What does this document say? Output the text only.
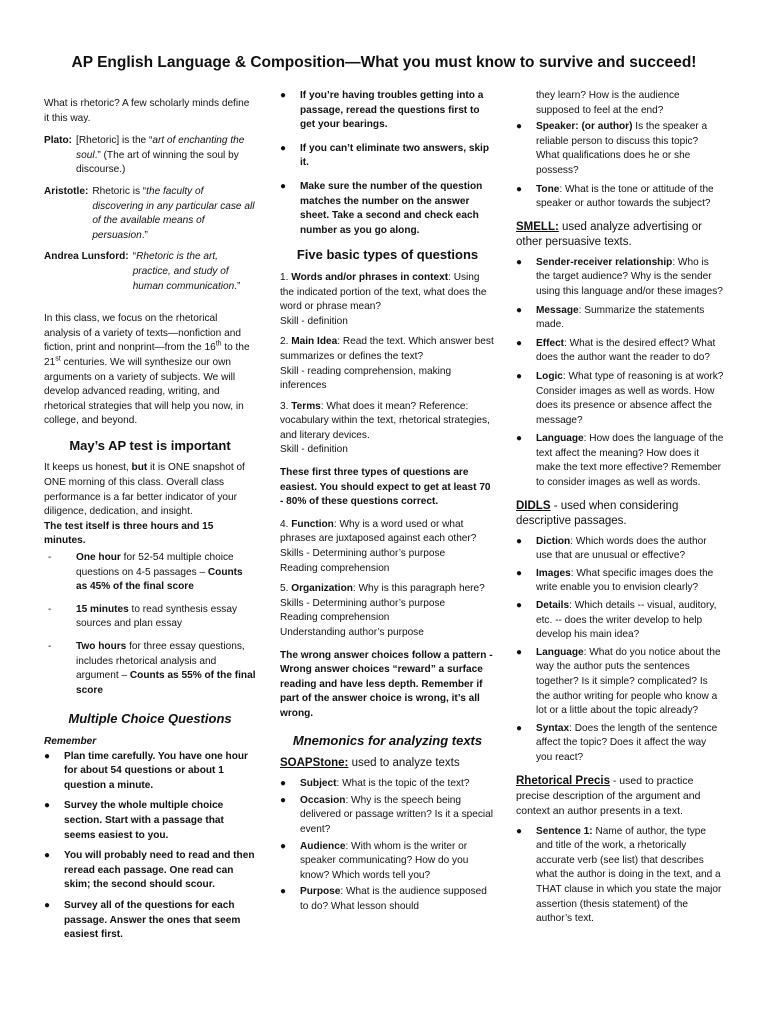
AP English Language & Composition—What you must know to survive and succeed!

What is rhetoric? A few scholarly minds define it this way.

Plato: [Rhetoric] is the “art of enchanting the soul.” (The art of winning the soul by discourse.)
Aristotle: Rhetoric is “the faculty of discovering in any particular case all of the available means of persuasion.”
Andrea Lunsford: “Rhetoric is the art, practice, and study of human communication.”

In this class, we focus on the rhetorical analysis of a variety of texts—nonfiction and fiction, print and nonprint—from the 16th to the 21st centuries. We will synthesize our own arguments on a variety of subjects. We will develop advanced reading, writing, and rhetorical strategies that will help you now, in college, and beyond.

May’s AP test is important

It keeps us honest, but it is ONE snapshot of ONE morning of this class. Overall class performance is a far better indicator of your diligence, dedication, and insight.

The test itself is three hours and 15 minutes.

-	One hour for 52-54 multiple choice questions on 4-5 passages – Counts as 45% of the final score
-	15 minutes to read synthesis essay sources and plan essay
-	Two hours for three essay questions, includes rhetorical analysis and argument – Counts as 55% of the final score
Multiple Choice Questions

Remember

●	Plan time carefully. You have one hour for about 54 questions or about 1 question a minute.
●	Survey the whole multiple choice section. Start with a passage that seems easiest to you.
●	You will probably need to read and then reread each passage. One read can skim; the second should scour.
●	Survey all of the questions for each passage. Answer the ones that seem easiest first.
●	If you’re having troubles getting into a passage, reread the questions first to get your bearings.
●	If you can’t eliminate two answers, skip it.
●	Make sure the number of the question matches the number on the answer sheet. Take a second and check each number as you go along.
Five basic types of questions
1. Words and/or phrases in context: Using the indicated portion of the text, what does the word or phrase mean?
Skill - definition
2. Main Idea: Read the text. Which answer best summarizes or defines the text?
Skill - reading comprehension, making inferences
3. Terms: What does it mean? Reference: vocabulary within the text, rhetorical strategies, and literary devices.
Skill - definition

These first three types of questions are easiest. You should expect to get at least 70 - 80% of these questions correct.

4. Function: Why is a word used or what phrases are juxtaposed against each other?
Skills - Determining author’s purpose
Reading comprehension
5. Organization: Why is this paragraph here?
Skills - Determining author’s purpose
Reading comprehension
Understanding author’s purpose

The wrong answer choices follow a pattern - Wrong answer choices “reward” a surface reading and have less depth. Remember if part of the answer choice is wrong, it’s all wrong.

Mnemonics for analyzing texts

SOAPStone: used to analyze texts

●	Subject: What is the topic of the text?
●	Occasion: Why is the speech being delivered or passage written? Is it a special event?
●	Audience: With whom is the writer or speaker communicating? How do you know? Which words tell you?
●	Purpose: What is the audience supposed to do? What lesson should

they learn? How is the audience supposed to feel at the end?

●	Speaker: (or author) Is the speaker a reliable person to discuss this topic? What qualifications does he or she possess?
●	Tone: What is the tone or attitude of the speaker or author towards the subject?

SMELL: used analyze advertising or other persuasive texts.

●	Sender-receiver relationship: Who is the target audience? Why is the sender using this language and/or these images?
●	Message: Summarize the statements made.
●	Effect: What is the desired effect? What does the author want the reader to do?
●	Logic: What type of reasoning is at work? Consider images as well as words. How does its presence or absence affect the message?
●	Language: How does the language of the text affect the meaning? How does it make the text more effective? Remember to consider images as well as words.

DIDLS - used when considering descriptive passages.

●	Diction: Which words does the author use that are unusual or effective?
●	Images: What specific images does the write enable you to envision clearly?
●	Details: Which details -- visual, auditory, etc. -- does the writer develop to help develop his main idea?
●	Language: What do you notice about the way the author puts the sentences together? Is it simple? complicated? Is the author writing for people who know a lot or a little about the topic already?
●	Syntax: Does the length of the sentence affect the topic? Does it affect the way you react?

Rhetorical Precis - used to practice precise description of the argument and context an author presents in a text.

●	Sentence 1: Name of author, the type and title of the work, a rhetorically accurate verb (see list) that describes what the author is doing in the text, and a THAT clause in which you state the major assertion (thesis statement) of the author’s text.
